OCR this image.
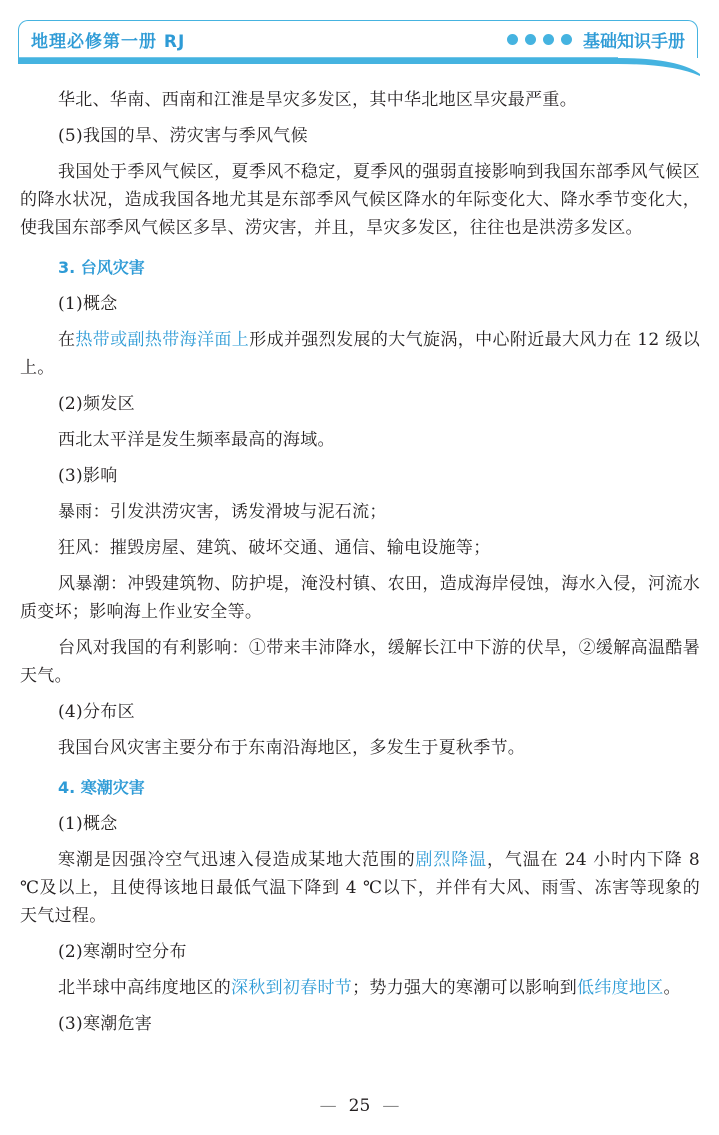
地理必修第一册 RJ	基础知识手册

华北、华南、西南和江淮是旱灾多发区，其中华北地区旱灾最严重。

(5)我国的旱、涝灾害与季风气候

我国处于季风气候区，夏季风不稳定，夏季风的强弱直接影响到我国东部季风气候区的降水状况，造成我国各地尤其是东部季风气候区降水的年际变化大、降水季节变化大，使我国东部季风气候区多旱、涝灾害，并且，旱灾多发区，往往也是洪涝多发区。

3. 台风灾害

(1)概念

在热带或副热带海洋面上形成并强烈发展的大气旋涡，中心附近最大风力在 12 级以上。

(2)频发区

西北太平洋是发生频率最高的海域。

(3)影响

暴雨：引发洪涝灾害，诱发滑坡与泥石流；

狂风：摧毁房屋、建筑、破坏交通、通信、输电设施等；

风暴潮：冲毁建筑物、防护堤，淹没村镇、农田，造成海岸侵蚀，海水入侵，河流水质变坏；影响海上作业安全等。

台风对我国的有利影响：①带来丰沛降水，缓解长江中下游的伏旱，②缓解高温酷暑天气。

(4)分布区

我国台风灾害主要分布于东南沿海地区，多发生于夏秋季节。

4. 寒潮灾害

(1)概念

寒潮是因强冷空气迅速入侵造成某地大范围的剧烈降温，气温在 24 小时内下降 8 ℃及以上，且使得该地日最低气温下降到 4 ℃以下，并伴有大风、雨雪、冻害等现象的天气过程。

(2)寒潮时空分布

北半球中高纬度地区的深秋到初春时节；势力强大的寒潮可以影响到低纬度地区。

(3)寒潮危害

— 25 —
